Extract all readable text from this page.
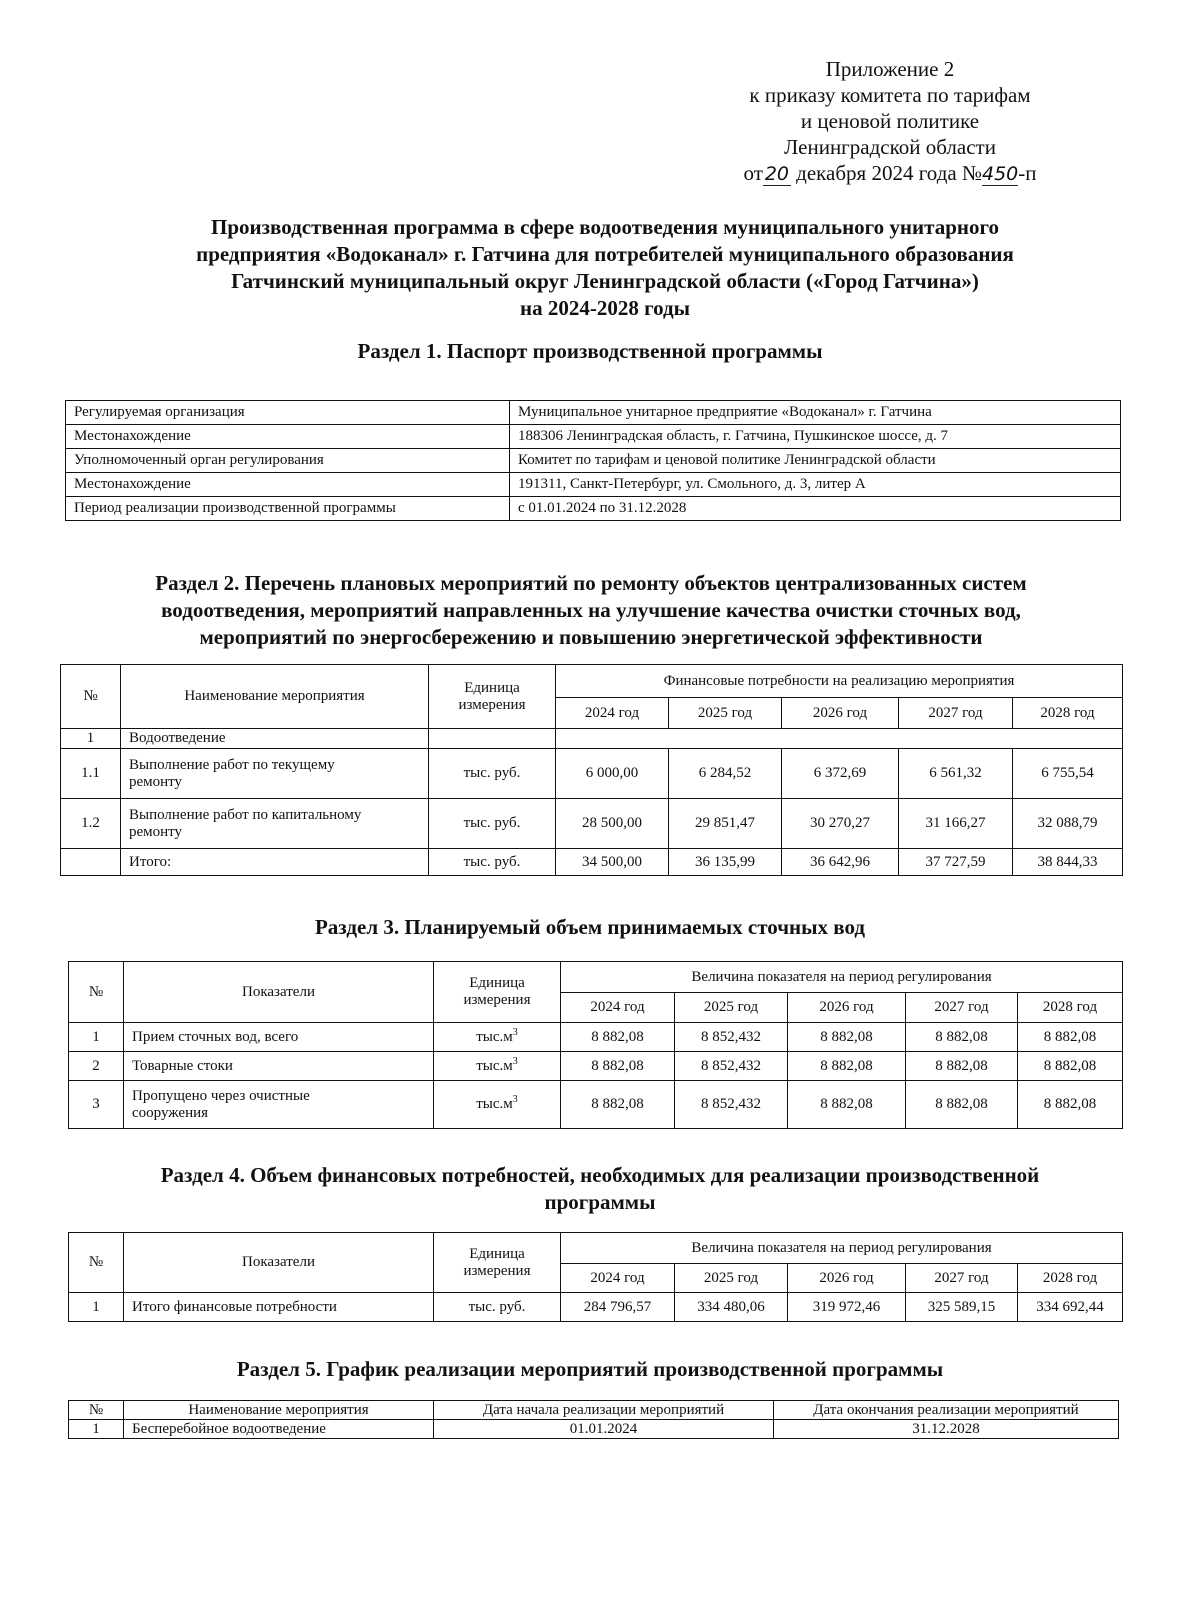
Приложение 2
к приказу комитета по тарифам
и ценовой политике
Ленинградской области
от 20 декабря 2024 года №450-п
Производственная программа в сфере водоотведения муниципального унитарного
предприятия «Водоканал» г. Гатчина для потребителей муниципального образования
Гатчинский муниципальный округ Ленинградской области («Город Гатчина»)
на 2024-2028 годы
Раздел 1. Паспорт производственной программы
Регулируемая организация	Муниципальное унитарное предприятие «Водоканал» г. Гатчина
Местонахождение	188306 Ленинградская область, г. Гатчина, Пушкинское шоссе, д. 7
Уполномоченный орган регулирования	Комитет по тарифам и ценовой политике Ленинградской области
Местонахождение	191311, Санкт-Петербург, ул. Смольного, д. 3, литер А
Период реализации производственной программы	с 01.01.2024 по 31.12.2028
Раздел 2. Перечень плановых мероприятий по ремонту объектов централизованных систем
водоотведения, мероприятий направленных на улучшение качества очистки сточных вод,
мероприятий по энергосбережению и повышению энергетической эффективности
№	Наименование мероприятия	Единица
измерения	Финансовые потребности на реализацию мероприятия				
			2024 год	2025 год	2026 год	2027 год	2028 год
1	Водоотведение						
1.1	Выполнение работ по текущему
ремонту	тыс. руб.	6 000,00	6 284,52	6 372,69	6 561,32	6 755,54
1.2	Выполнение работ по капитальному
ремонту	тыс. руб.	28 500,00	29 851,47	30 270,27	31 166,27	32 088,79
	Итого:	тыс. руб.	34 500,00	36 135,99	36 642,96	37 727,59	38 844,33
Раздел 3. Планируемый объем принимаемых сточных вод
№	Показатели	Единица
измерения	Величина показателя на период регулирования				
			2024 год	2025 год	2026 год	2027 год	2028 год
1	Прием сточных вод, всего	$тыс.м^3$	8 882,08	8 852,432	8 882,08	8 882,08	8 882,08
2	Товарные стоки	$тыс.м^3$	8 882,08	8 852,432	8 882,08	8 882,08	8 882,08
3	Пропущено через очистные
сооружения	$тыс.м^3$	8 882,08	8 852,432	8 882,08	8 882,08	8 882,08
Раздел 4. Объем финансовых потребностей, необходимых для реализации производственной
программы
№	Показатели	Единица
измерения	Величина показателя на период регулирования				
			2024 год	2025 год	2026 год	2027 год	2028 год
1	Итого финансовые потребности	тыс. руб.	284 796,57	334 480,06	319 972,46	325 589,15	334 692,44
Раздел 5. График реализации мероприятий производственной программы
№	Наименование мероприятия	Дата начала реализации мероприятий	Дата окончания реализации мероприятий
1	Бесперебойное водоотведение	01.01.2024	31.12.2028
